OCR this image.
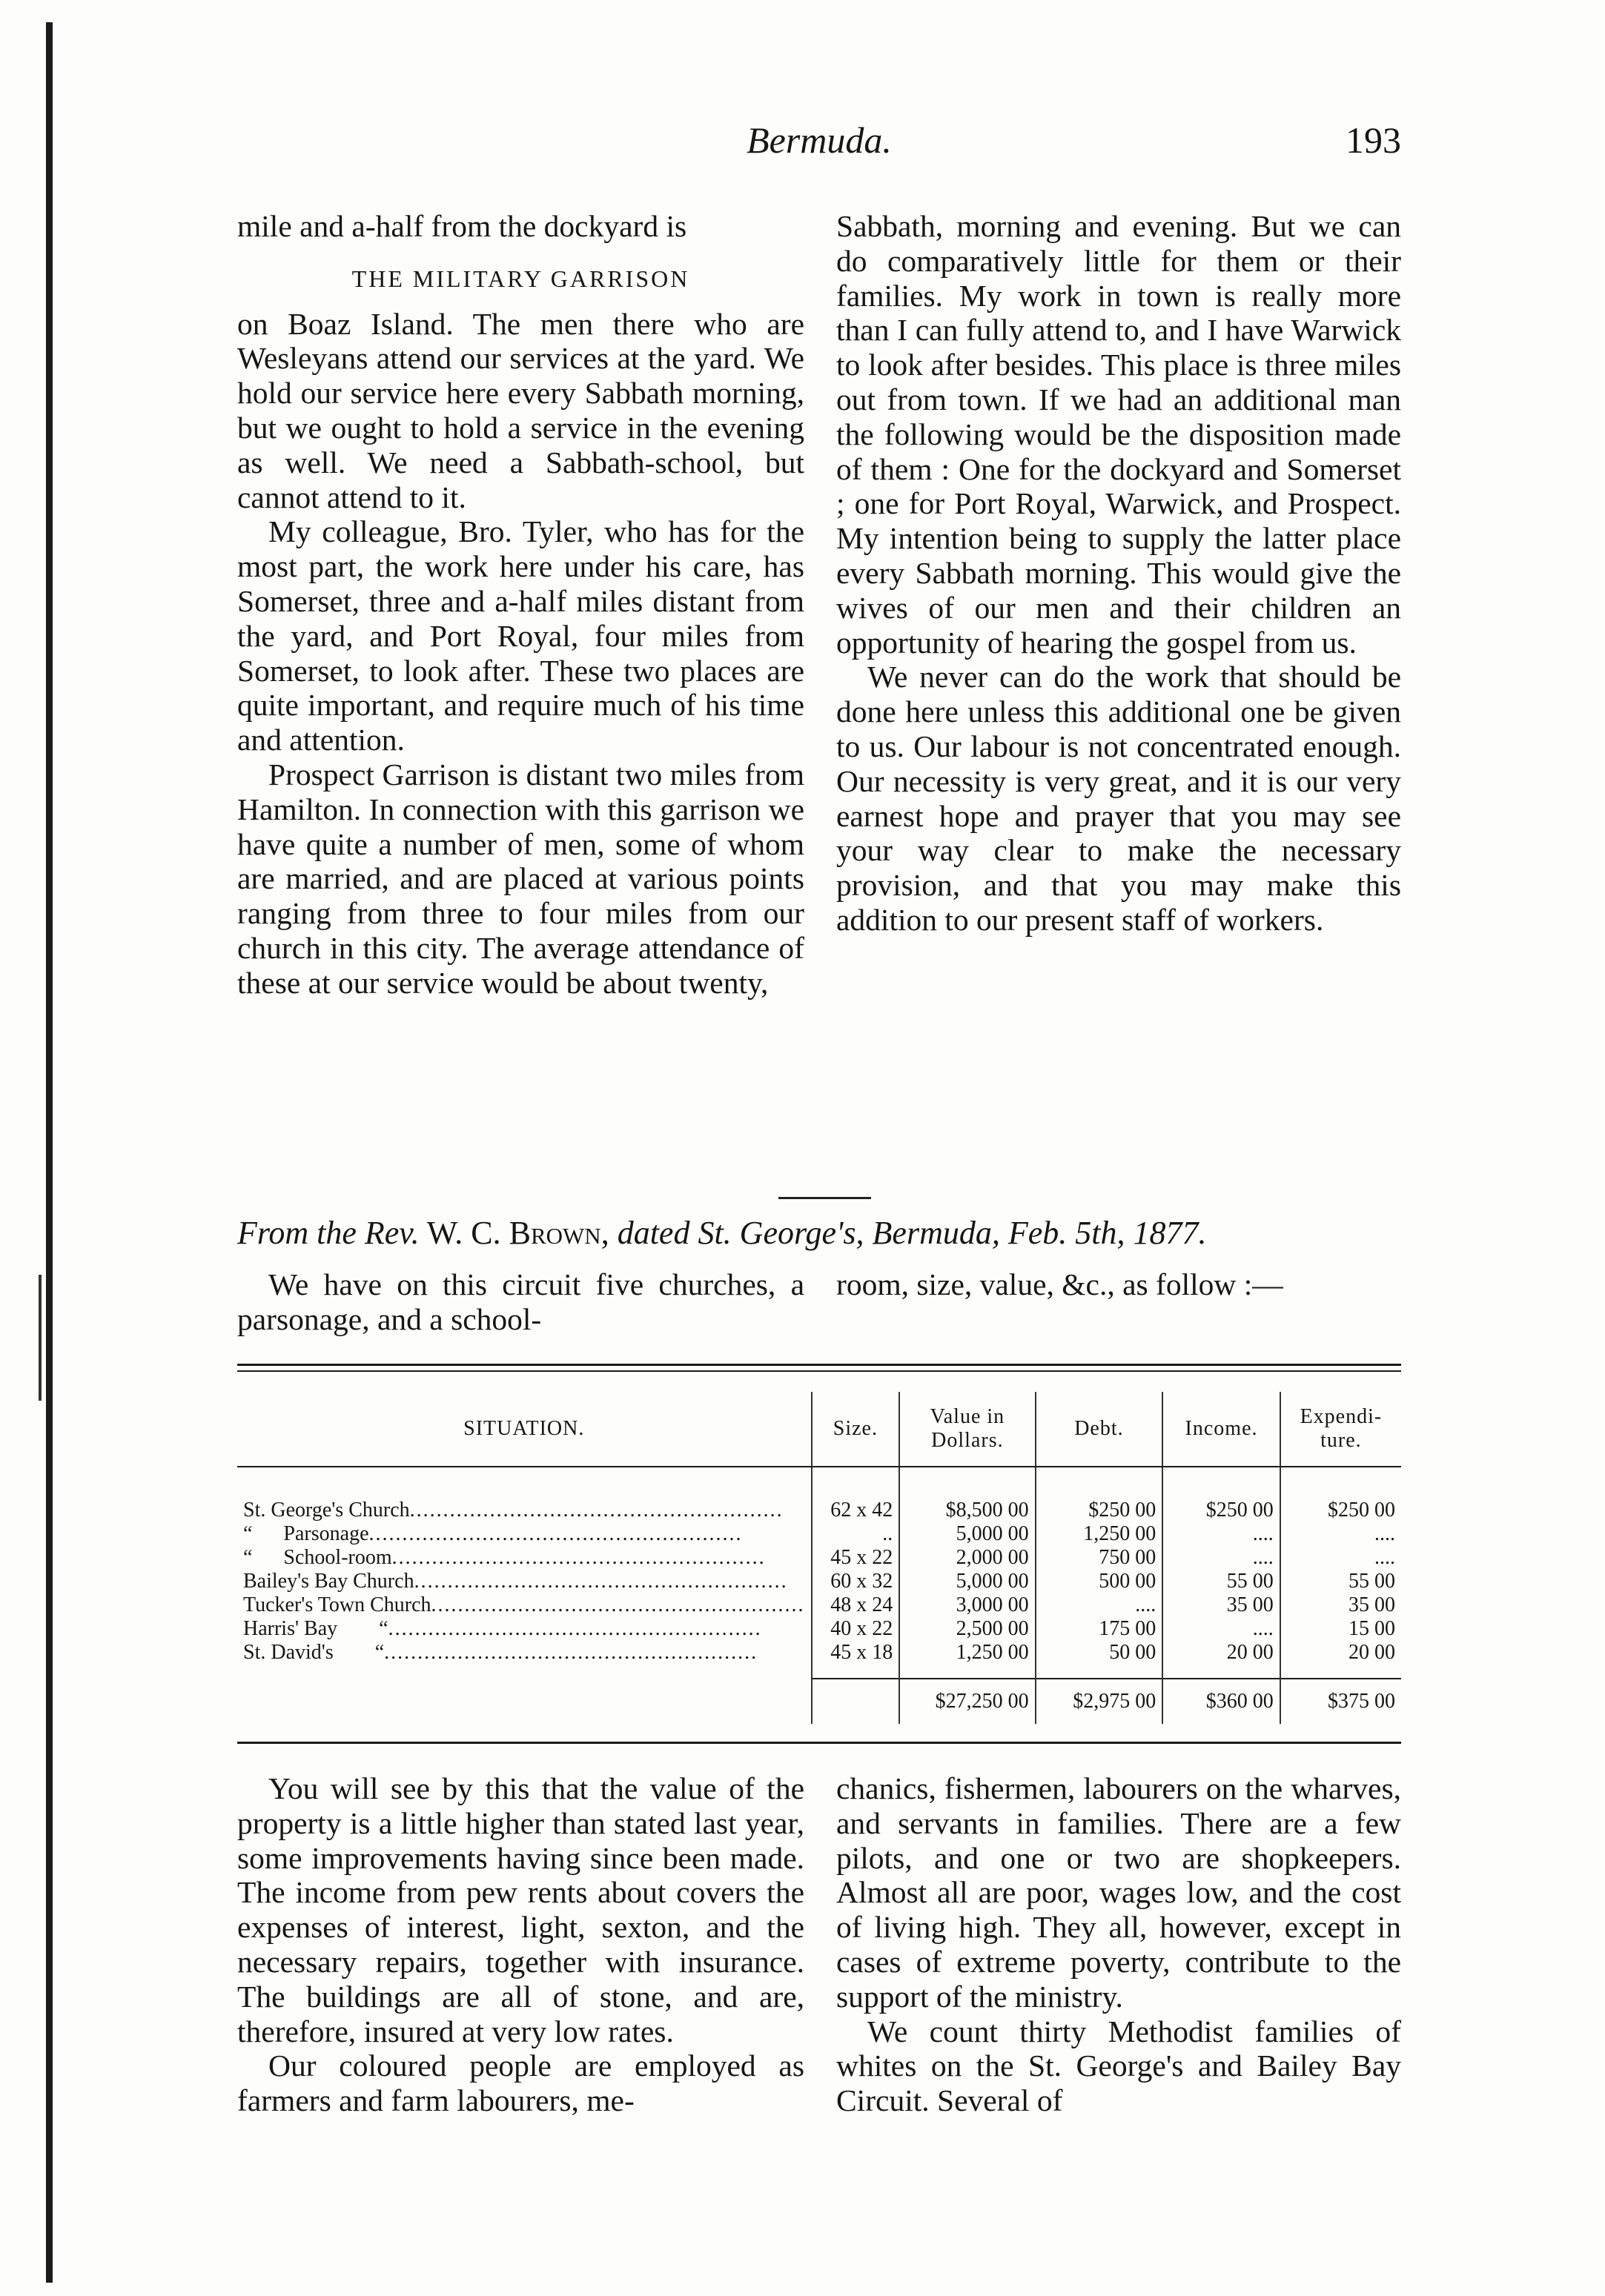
Bermuda.	193

mile and a-half from the dockyard is

THE MILITARY GARRISON

on Boaz Island. The men there who are Wesleyans attend our services at the yard. We hold our service here every Sabbath morning, but we ought to hold a service in the evening as well. We need a Sabbath-school, but cannot attend to it.

My colleague, Bro. Tyler, who has for the most part, the work here under his care, has Somerset, three and a-half miles distant from the yard, and Port Royal, four miles from Somerset, to look after. These two places are quite important, and require much of his time and attention.

Prospect Garrison is distant two miles from Hamilton. In connection with this garrison we have quite a number of men, some of whom are married, and are placed at various points ranging from three to four miles from our church in this city. The average attendance of these at our service would be about twenty,

Sabbath, morning and evening. But we can do comparatively little for them or their families. My work in town is really more than I can fully attend to, and I have Warwick to look after besides. This place is three miles out from town. If we had an additional man the following would be the disposition made of them : One for the dockyard and Somerset ; one for Port Royal, Warwick, and Prospect. My intention being to supply the latter place every Sabbath morning. This would give the wives of our men and their children an opportunity of hearing the gospel from us.

We never can do the work that should be done here unless this additional one be given to us. Our labour is not concentrated enough. Our necessity is very great, and it is our very earnest hope and prayer that you may see your way clear to make the necessary provision, and that you may make this addition to our present staff of workers.

From the Rev. W. C. Brown, dated St. George's, Bermuda, Feb. 5th, 1877.

We have on this circuit five churches, a parsonage, and a school-

room, size, value, &c., as follow :—

SITUATION.	Size.	Value in Dollars.	Debt.	Income.	Expendi- ture.

St. George's Church ........................................................	62 x 42	$8,500 00	$250 00	$250 00	$250 00

“      Parsonage ........................................................	..	5,000 00	1,250 00	....	....

“      School-room ........................................................	45 x 22	2,000 00	750 00	....	....

Bailey's Bay Church ........................................................	60 x 32	5,000 00	500 00	55 00	55 00

Tucker's Town Church ........................................................	48 x 24	3,000 00	....	35 00	35 00

Harris' Bay        “ ........................................................	40 x 22	2,500 00	175 00	....	15 00

St. David's        “ ........................................................	45 x 18	1,250 00	50 00	20 00	20 00
		$27,250 00	$2,975 00	$360 00	$375 00

You will see by this that the value of the property is a little higher than stated last year, some improvements having since been made. The income from pew rents about covers the expenses of interest, light, sexton, and the necessary repairs, together with insurance. The buildings are all of stone, and are, therefore, insured at very low rates.

Our coloured people are employed as farmers and farm labourers, me-

chanics, fishermen, labourers on the wharves, and servants in families. There are a few pilots, and one or two are shopkeepers. Almost all are poor, wages low, and the cost of living high. They all, however, except in cases of extreme poverty, contribute to the support of the ministry.

We count thirty Methodist families of whites on the St. George's and Bailey Bay Circuit. Several of
